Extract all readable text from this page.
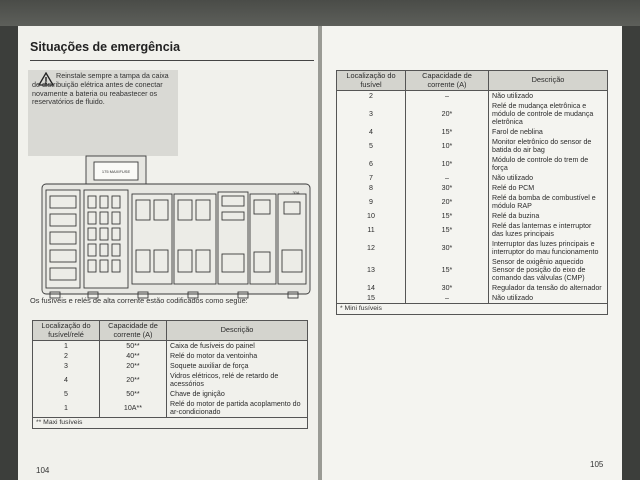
Situações de emergência
Reinstale sempre a tampa da caixa de distribuição elétrica antes de conectar novamente a bateria ou reabastecer os reservatórios de fluido.
175 MAXIFUSE
30A
Os fusíveis e relés de alta corrente estão codificados como segue:
Localização do fusível/relé	Capacidade de corrente (A)	Descrição
1	50**	Caixa de fusíveis do painel
2	40**	Relé do motor da ventoinha
3	20**	Soquete auxiliar de força
4	20**	Vidros elétricos, relé de retardo de acessórios
5	50**	Chave de ignição
1	10A**	Relé do motor de partida acoplamento do ar-condicionado
** Maxi fusíveis		
104
Localização do fusível	Capacidade de corrente (A)	Descrição
2	–	Não utilizado
3	20*	Relé de mudança eletrônica e módulo de controle de mudança eletrônica
4	15*	Farol de neblina
5	10*	Monitor eletrônico do sensor de batida do air bag
6	10*	Módulo de controle do trem de força
7	–	Não utilizado
8	30*	Relé do PCM
9	20*	Relé da bomba de combustível e módulo RAP
10	15*	Relé da buzina
11	15*	Relé das lanternas e interruptor das luzes principais
12	30*	Interruptor das luzes principais e interruptor do mau funcionamento
13	15*	Sensor de oxigênio aquecido Sensor de posição do eixo de comando das válvulas (CMP)
14	30*	Regulador da tensão do alternador
15	–	Não utilizado
* Mini fusíveis		
105
